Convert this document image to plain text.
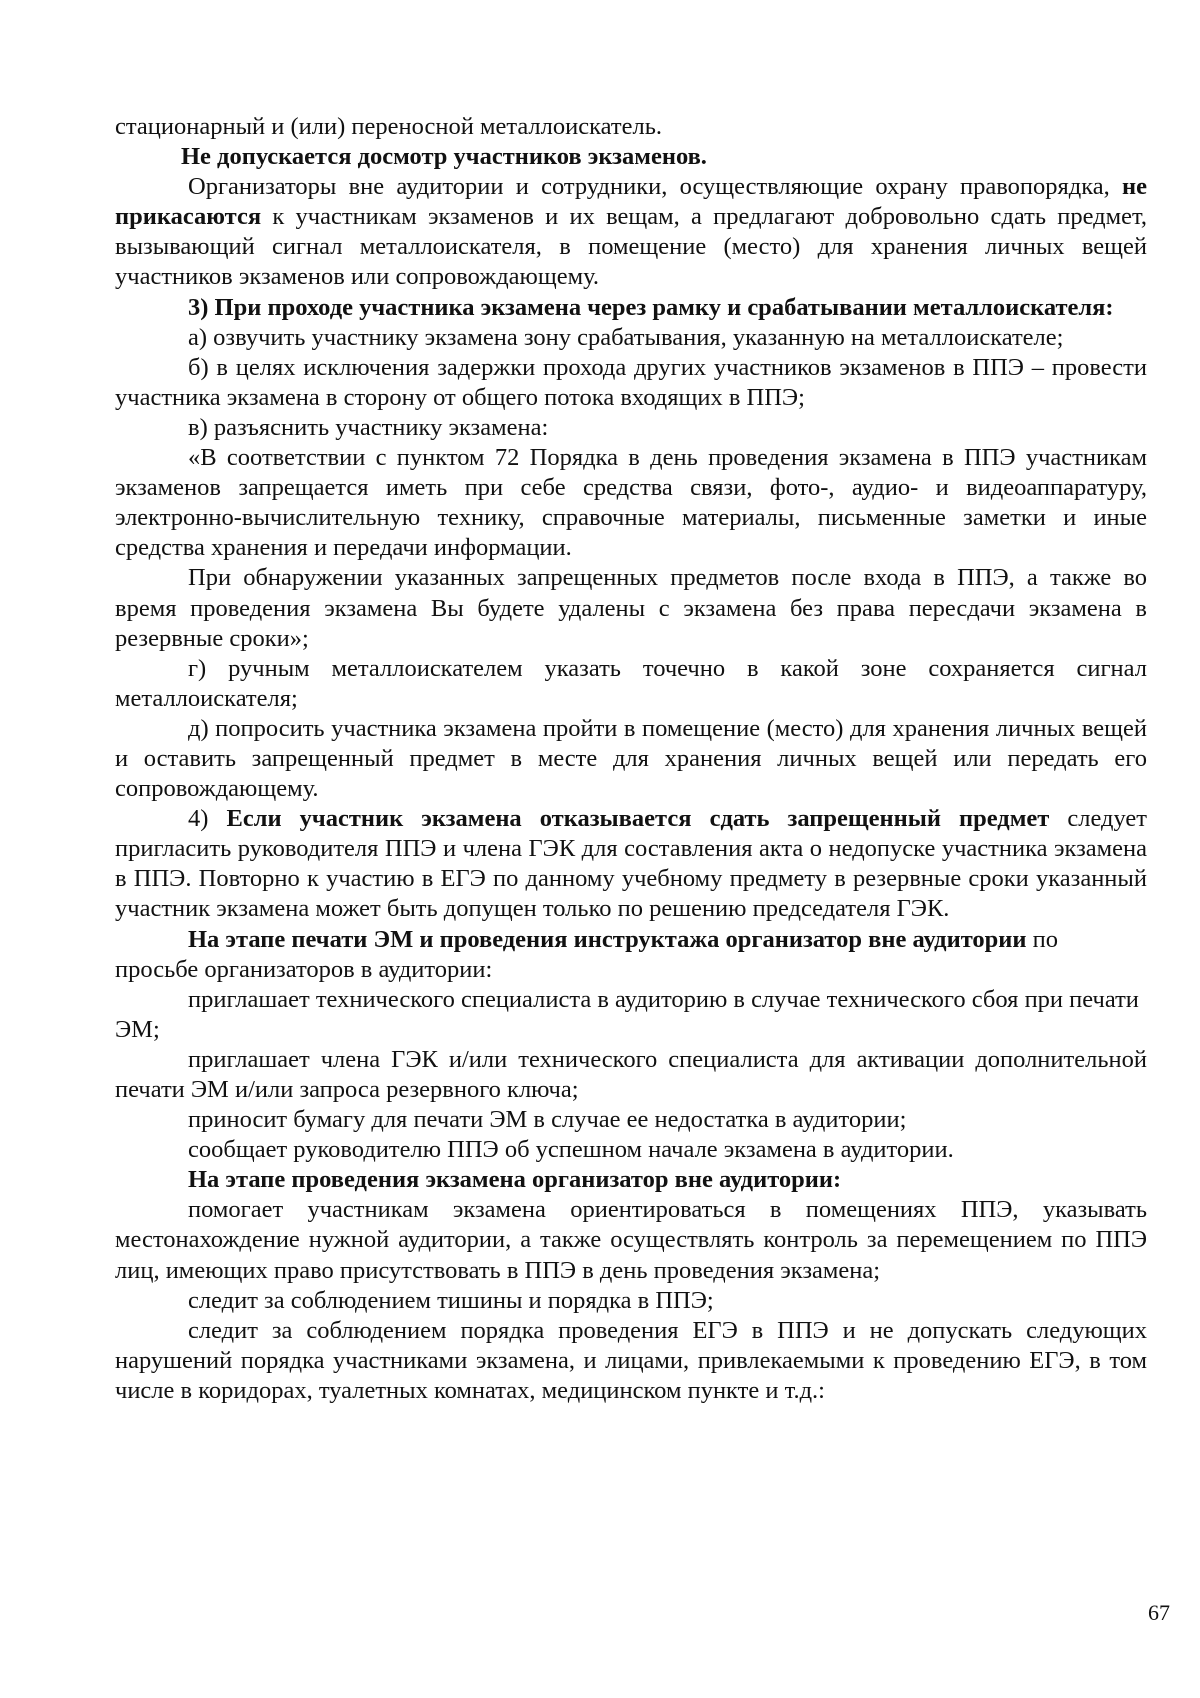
стационарный и (или) переносной металлоискатель.

Не допускается досмотр участников экзаменов.

Организаторы вне аудитории и сотрудники, осуществляющие охрану правопорядка, не прикасаются к участникам экзаменов и их вещам, а предлагают добровольно сдать предмет, вызывающий сигнал металлоискателя, в помещение (место) для хранения личных вещей участников экзаменов или сопровождающему.

3) При проходе участника экзамена через рамку и срабатывании металлоискателя:

а) озвучить участнику экзамена зону срабатывания, указанную на металлоискателе;

б) в целях исключения задержки прохода других участников экзаменов в ППЭ – провести участника экзамена в сторону от общего потока входящих в ППЭ;

в) разъяснить участнику экзамена:

«В соответствии с пунктом 72 Порядка в день проведения экзамена в ППЭ участникам экзаменов запрещается иметь при себе средства связи, фото-, аудио- и видеоаппаратуру, электронно-вычислительную технику, справочные материалы, письменные заметки и иные средства хранения и передачи информации.

При обнаружении указанных запрещенных предметов после входа в ППЭ, а также во время проведения экзамена Вы будете удалены с экзамена без права пересдачи экзамена в резервные сроки»;

г) ручным металлоискателем указать точечно в какой зоне сохраняется сигнал металлоискателя;

д) попросить участника экзамена пройти в помещение (место) для хранения личных вещей и оставить запрещенный предмет в месте для хранения личных вещей или передать его сопровождающему.

4) Если участник экзамена отказывается сдать запрещенный предмет следует пригласить руководителя ППЭ и члена ГЭК для составления акта о недопуске участника экзамена в ППЭ. Повторно к участию в ЕГЭ по данному учебному предмету в резервные сроки указанный участник экзамена может быть допущен только по решению председателя ГЭК.

На этапе печати ЭМ и проведения инструктажа организатор вне аудитории по просьбе организаторов в аудитории:

приглашает технического специалиста в аудиторию в случае технического сбоя при печати ЭМ;

приглашает члена ГЭК и/или технического специалиста для активации дополнительной печати ЭМ и/или запроса резервного ключа;

приносит бумагу для печати ЭМ в случае ее недостатка в аудитории;

сообщает руководителю ППЭ об успешном начале экзамена в аудитории.

На этапе проведения экзамена организатор вне аудитории:

помогает участникам экзамена ориентироваться в помещениях ППЭ, указывать местонахождение нужной аудитории, а также осуществлять контроль за перемещением по ППЭ лиц, имеющих право присутствовать в ППЭ в день проведения экзамена;

следит за соблюдением тишины и порядка в ППЭ;

следит за соблюдением порядка проведения ЕГЭ в ППЭ и не допускать следующих нарушений порядка участниками экзамена, и лицами, привлекаемыми к проведению ЕГЭ, в том числе в коридорах, туалетных комнатах, медицинском пункте и т.д.:

67
